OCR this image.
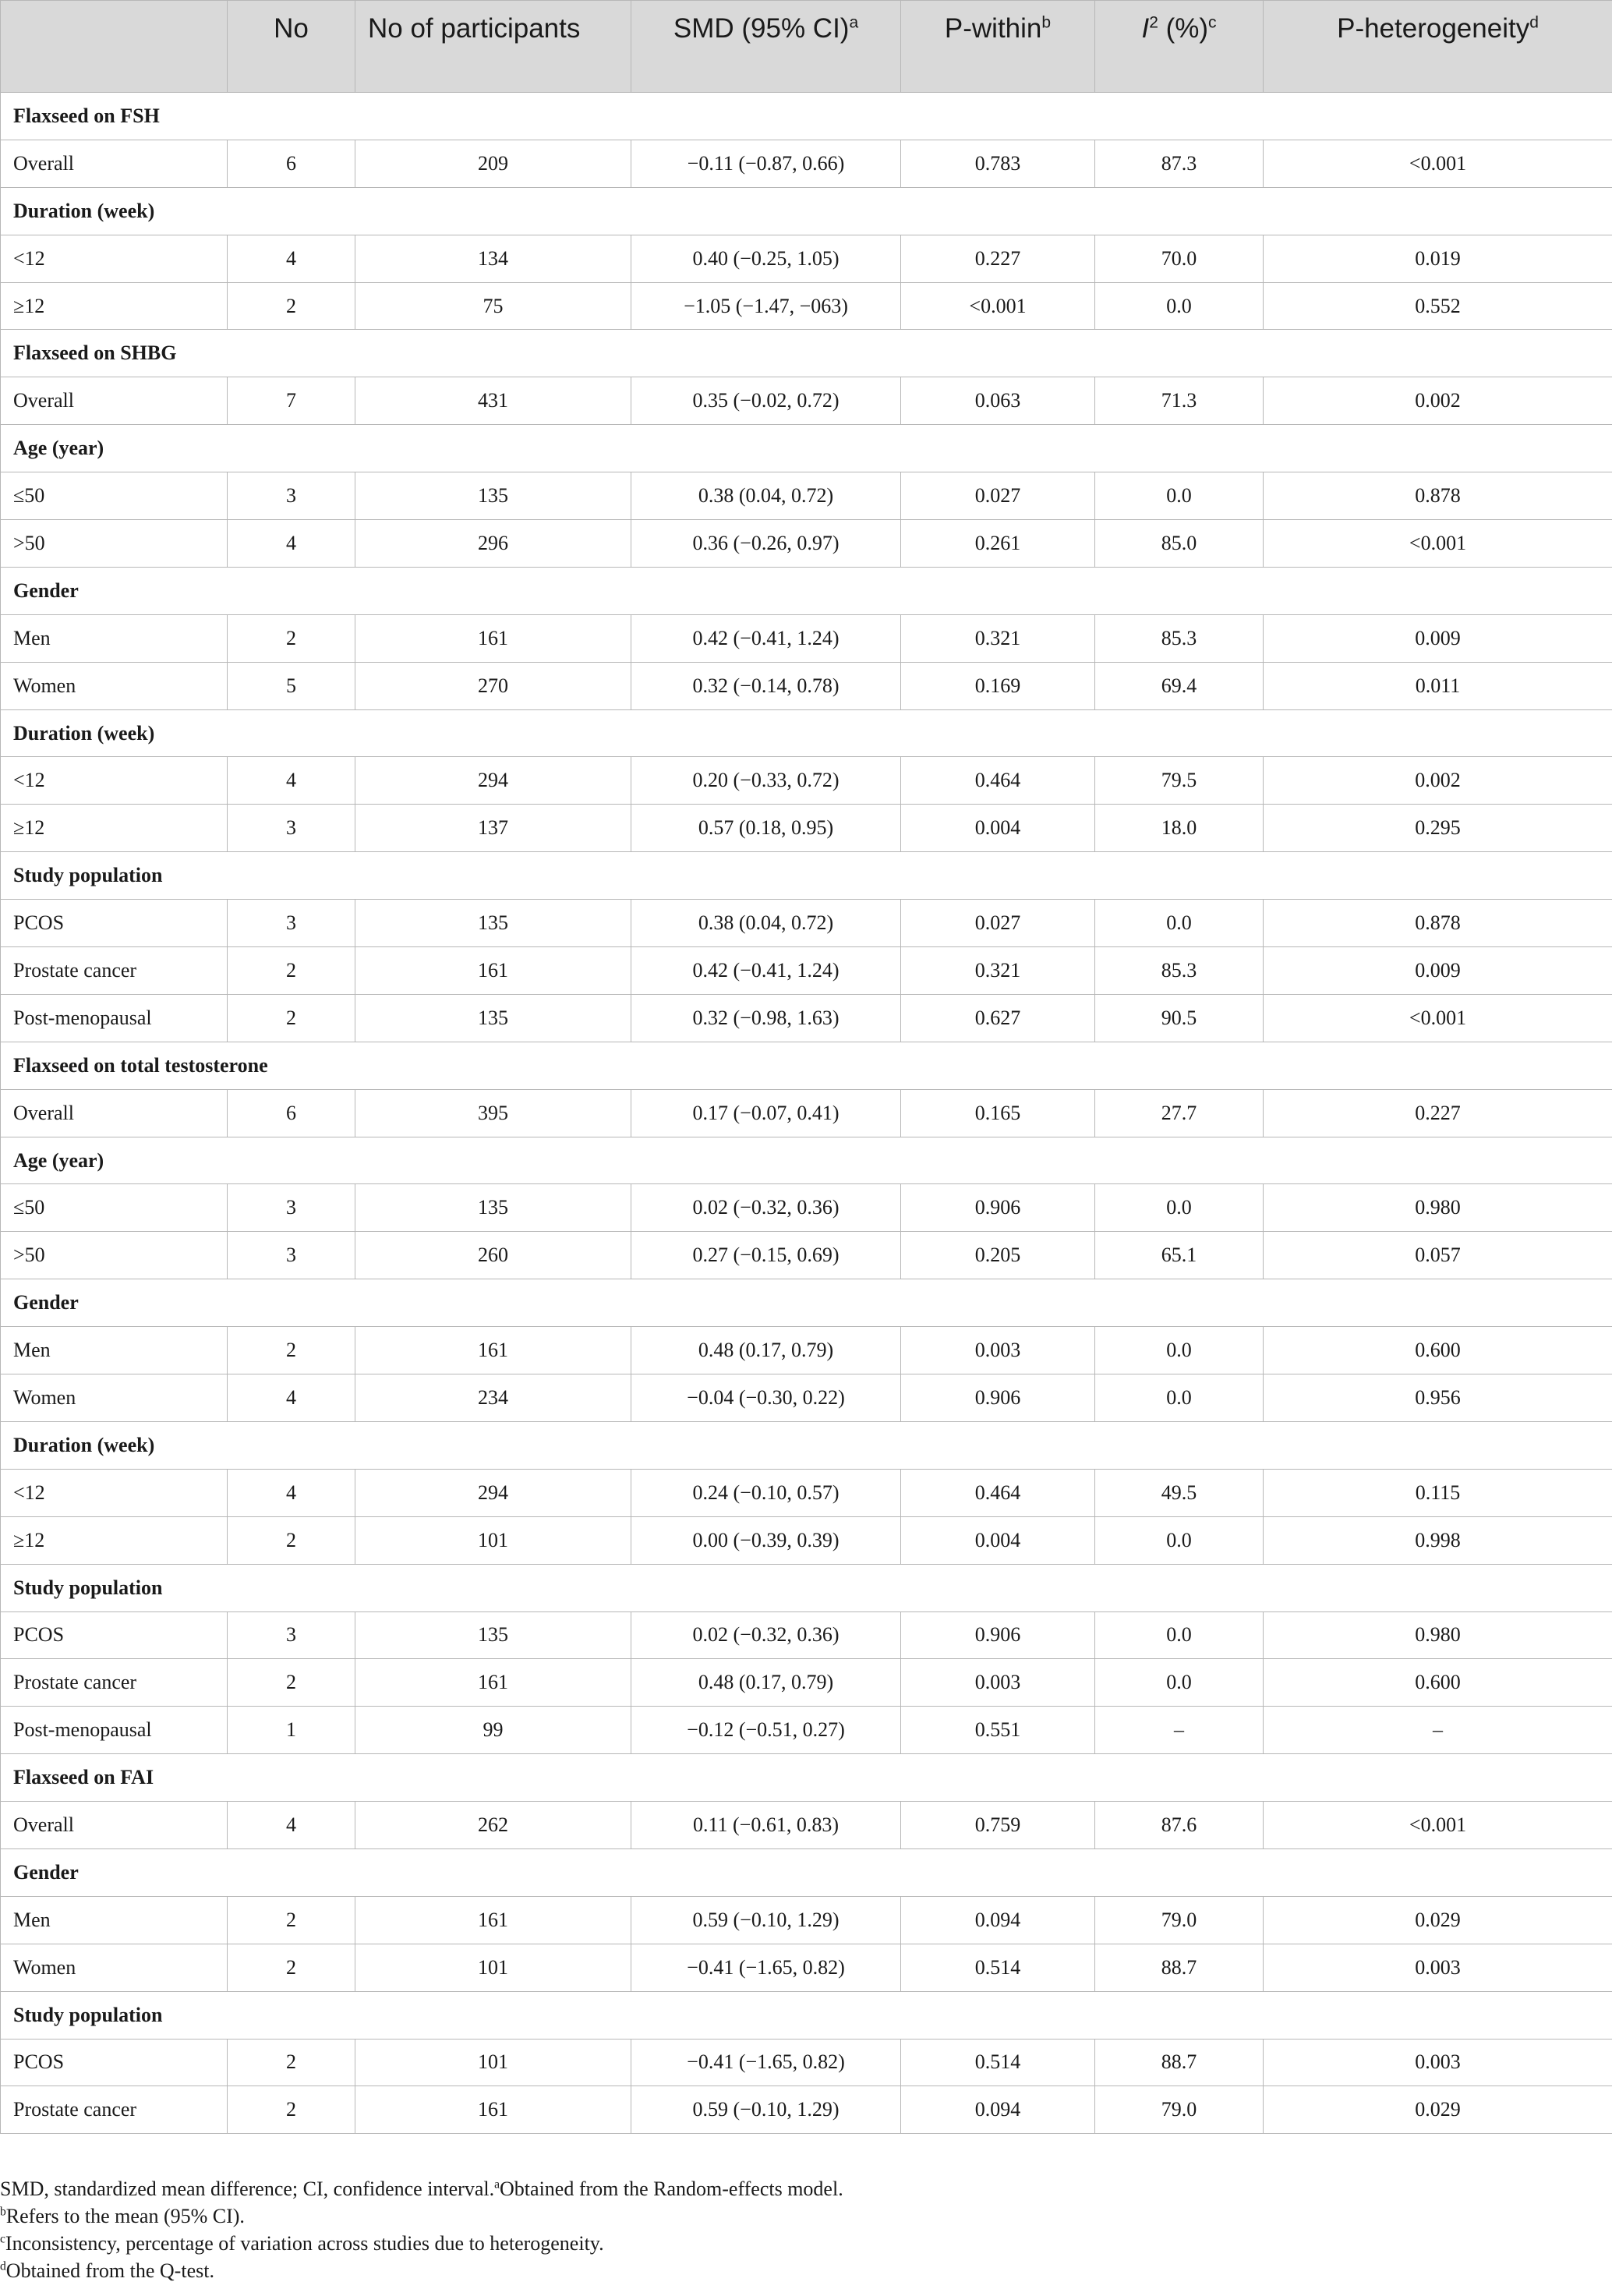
	No	No of participants	SMD (95% CI)$^a$	P-within$^b$	$I^2$ (%)$^c$	P-heterogeneity$^d$
Flaxseed on FSH						
Overall	6	209	−0.11 (−0.87, 0.66)	0.783	87.3	<0.001
Duration (week)						
<12	4	134	0.40 (−0.25, 1.05)	0.227	70.0	0.019
≥12	2	75	−1.05 (−1.47, −063)	<0.001	0.0	0.552
Flaxseed on SHBG						
Overall	7	431	0.35 (−0.02, 0.72)	0.063	71.3	0.002
Age (year)						
≤50	3	135	0.38 (0.04, 0.72)	0.027	0.0	0.878
>50	4	296	0.36 (−0.26, 0.97)	0.261	85.0	<0.001
Gender						
Men	2	161	0.42 (−0.41, 1.24)	0.321	85.3	0.009
Women	5	270	0.32 (−0.14, 0.78)	0.169	69.4	0.011
Duration (week)						
<12	4	294	0.20 (−0.33, 0.72)	0.464	79.5	0.002
≥12	3	137	0.57 (0.18, 0.95)	0.004	18.0	0.295
Study population						
PCOS	3	135	0.38 (0.04, 0.72)	0.027	0.0	0.878
Prostate cancer	2	161	0.42 (−0.41, 1.24)	0.321	85.3	0.009
Post-menopausal	2	135	0.32 (−0.98, 1.63)	0.627	90.5	<0.001
Flaxseed on total testosterone						
Overall	6	395	0.17 (−0.07, 0.41)	0.165	27.7	0.227
Age (year)						
≤50	3	135	0.02 (−0.32, 0.36)	0.906	0.0	0.980
>50	3	260	0.27 (−0.15, 0.69)	0.205	65.1	0.057
Gender						
Men	2	161	0.48 (0.17, 0.79)	0.003	0.0	0.600
Women	4	234	−0.04 (−0.30, 0.22)	0.906	0.0	0.956
Duration (week)						
<12	4	294	0.24 (−0.10, 0.57)	0.464	49.5	0.115
≥12	2	101	0.00 (−0.39, 0.39)	0.004	0.0	0.998
Study population						
PCOS	3	135	0.02 (−0.32, 0.36)	0.906	0.0	0.980
Prostate cancer	2	161	0.48 (0.17, 0.79)	0.003	0.0	0.600
Post-menopausal	1	99	−0.12 (−0.51, 0.27)	0.551	–	–
Flaxseed on FAI						
Overall	4	262	0.11 (−0.61, 0.83)	0.759	87.6	<0.001
Gender						
Men	2	161	0.59 (−0.10, 1.29)	0.094	79.0	0.029
Women	2	101	−0.41 (−1.65, 0.82)	0.514	88.7	0.003
Study population						
PCOS	2	101	−0.41 (−1.65, 0.82)	0.514	88.7	0.003
Prostate cancer	2	161	0.59 (−0.10, 1.29)	0.094	79.0	0.029

SMD, standardized mean difference; CI, confidence interval.$^a$Obtained from the Random-effects model.

$^b$Refers to the mean (95% CI).

$^c$Inconsistency, percentage of variation across studies due to heterogeneity.

$^d$Obtained from the Q-test.
